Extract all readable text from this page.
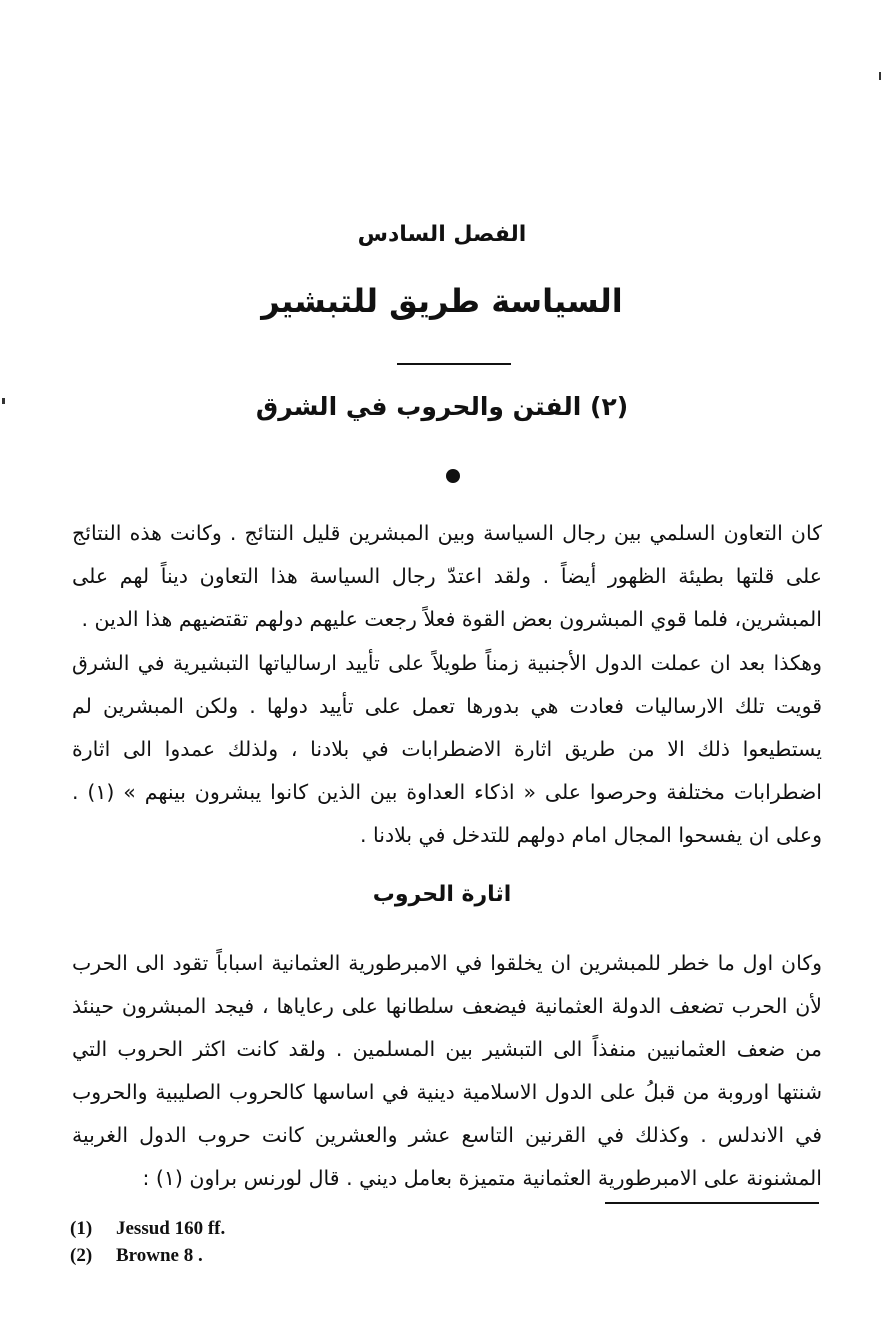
الفصل السادس
السياسة طريق للتبشير
(٢) الفتن والحروب في الشرق

كان التعاون السلمي بين رجال السياسة وبين المبشرين قليل النتائج . وكانت هذه النتائج على قلتها بطيئة الظهور أيضاً . ولقد اعتدّ رجال السياسة هذا التعاون ديناً لهم على المبشرين، فلما قوي المبشرون بعض القوة فعلاً رجعت عليهم دولهم تقتضيهم هذا الدين .

وهكذا بعد ان عملت الدول الأجنبية زمناً طويلاً على تأييد ارسالياتها التبشيرية في الشرق قويت تلك الارساليات فعادت هي بدورها تعمل على تأييد دولها . ولكن المبشرين لم يستطيعوا ذلك الا من طريق اثارة الاضطرابات في بلادنا ، ولذلك عمدوا الى اثارة اضطرابات مختلفة وحرصوا على « اذكاء العداوة بين الذين كانوا يبشرون بينهم » (١) . وعلى ان يفسحوا المجال امام دولهم للتدخل في بلادنا .

اثارة الحروب

وكان اول ما خطر للمبشرين ان يخلقوا في الامبرطورية العثمانية اسباباً تقود الى الحرب لأن الحرب تضعف الدولة العثمانية فيضعف سلطانها على رعاياها ، فيجد المبشرون حينئذ من ضعف العثمانيين منفذاً الى التبشير بين المسلمين . ولقد كانت اكثر الحروب التي شنتها اوروبة من قبلُ على الدول الاسلامية دينية في اساسها كالحروب الصليبية والحروب في الاندلس . وكذلك في القرنين التاسع عشر والعشرين كانت حروب الدول الغربية المشنونة على الامبرطورية العثمانية متميزة بعامل ديني . قال لورنس براون (١) :

(1) Jessud 160 ff.
(2) Browne 8 .
